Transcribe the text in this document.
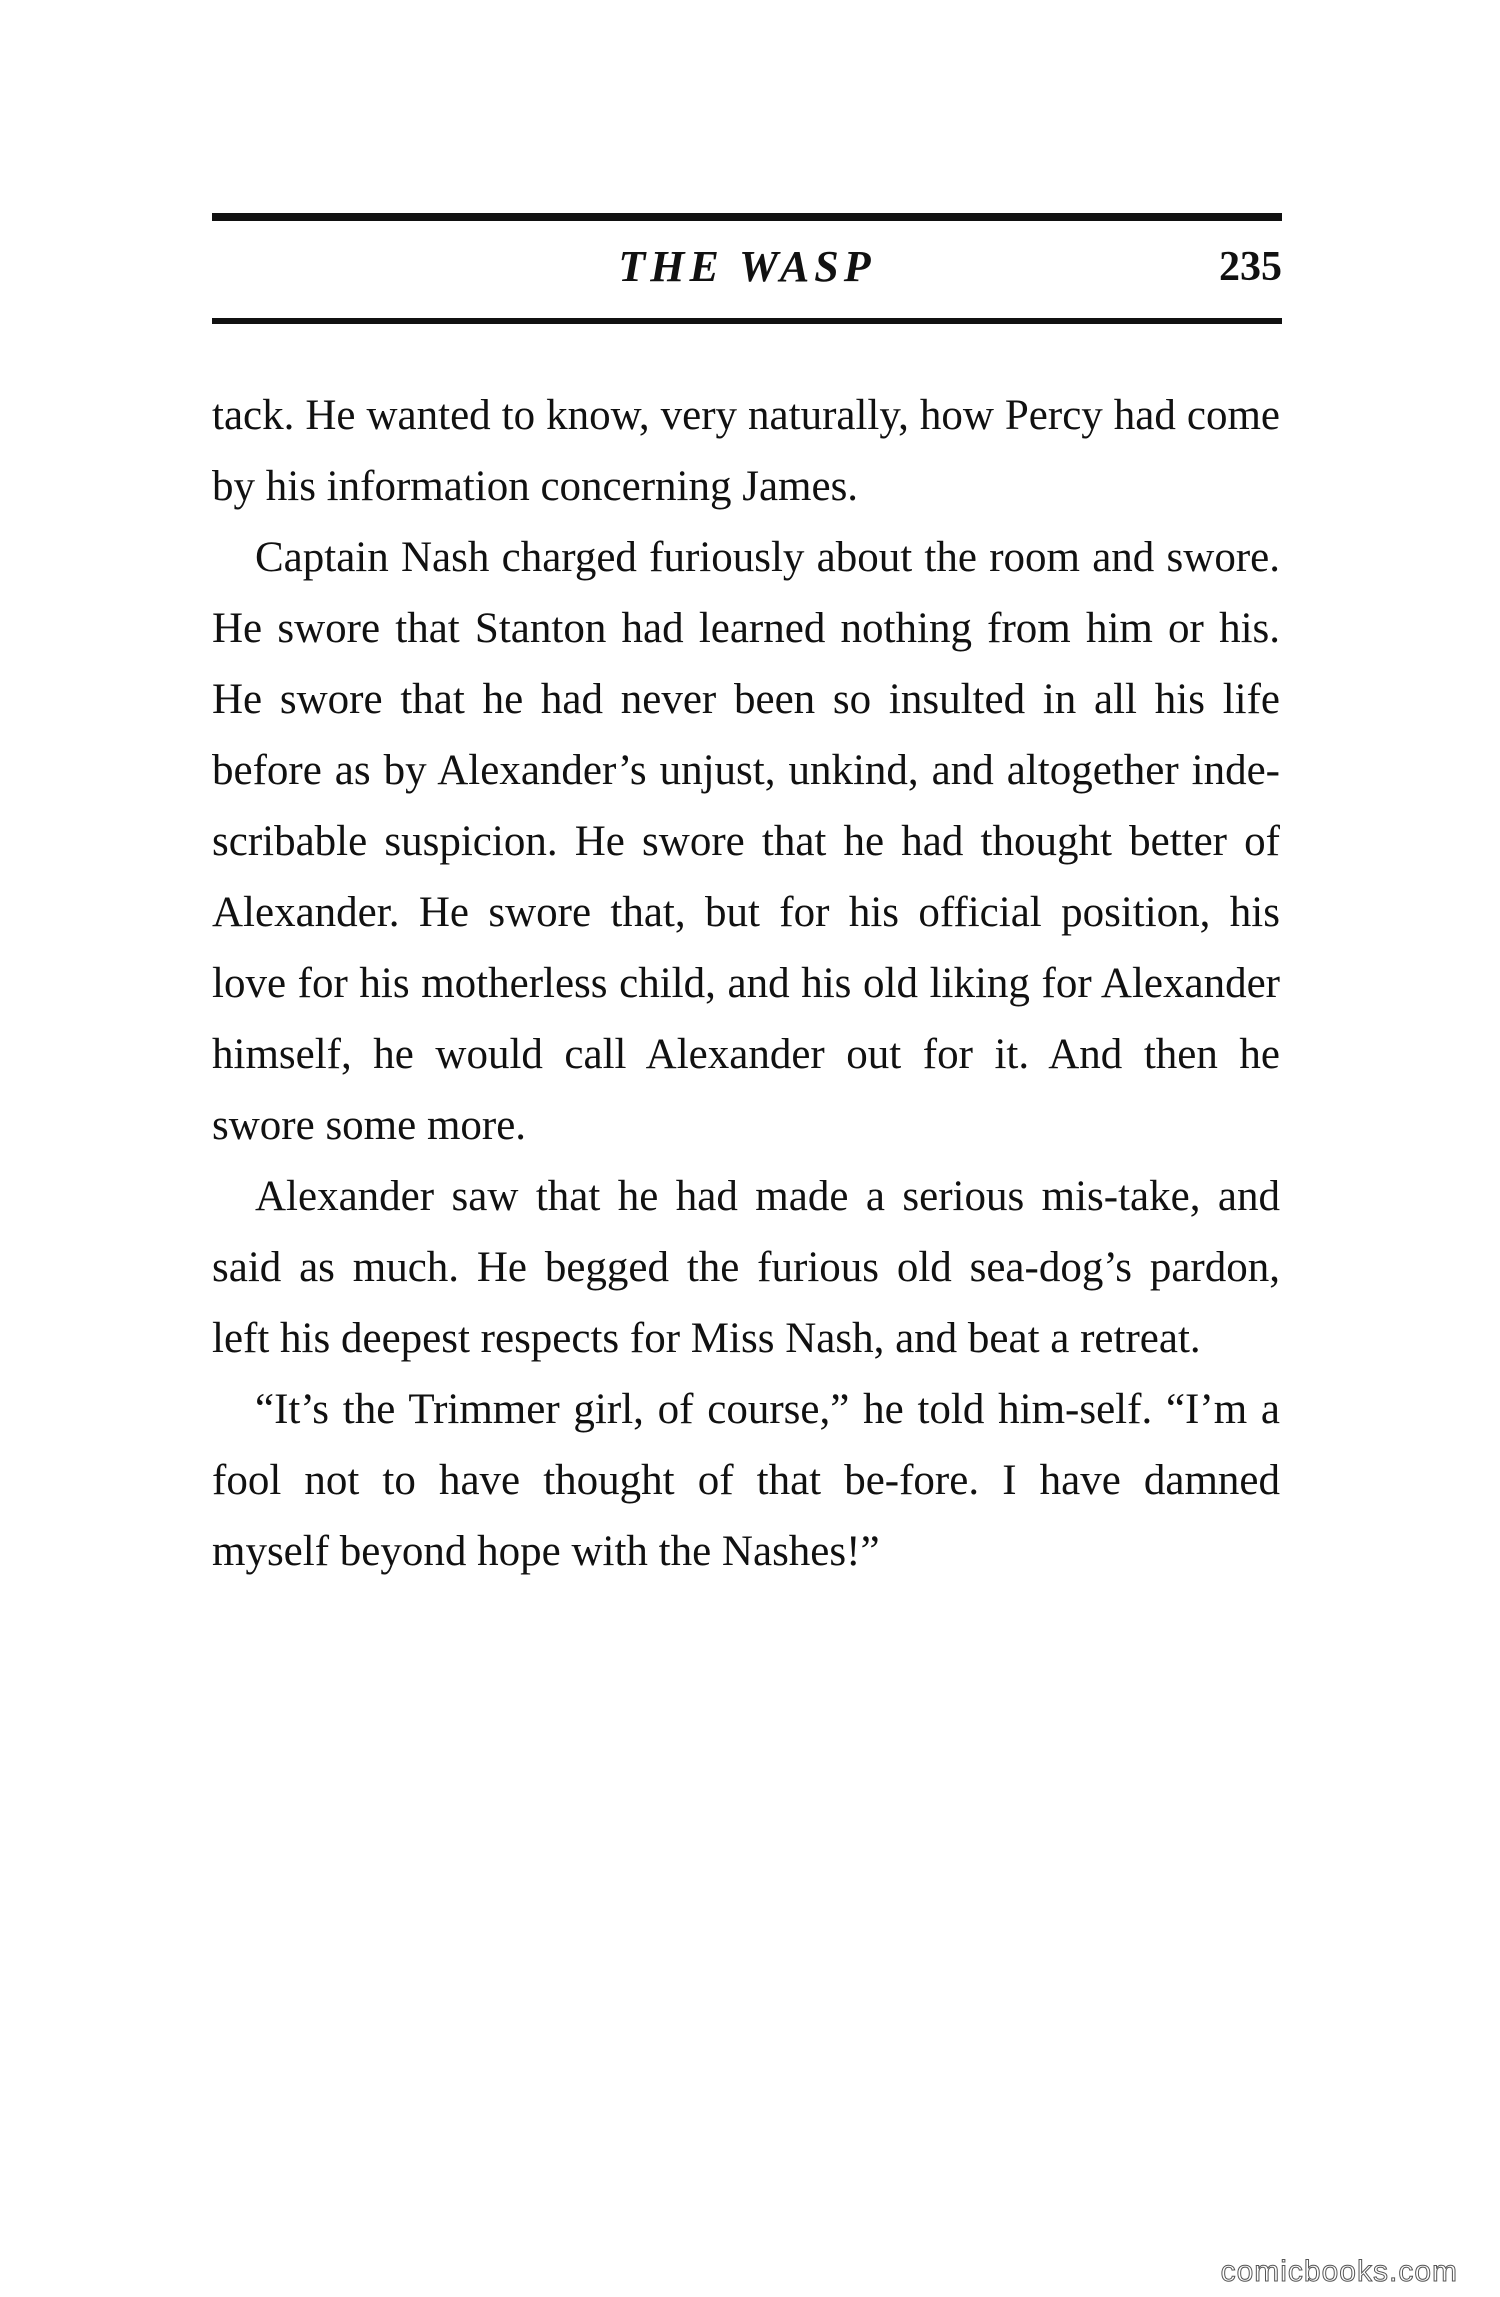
THE WASP	235

tack. He wanted to know, very naturally, how Percy had come by his information concerning James.

Captain Nash charged furiously about the room and swore. He swore that Stanton had learned nothing from him or his. He swore that he had never been so insulted in all his life before as by Alexander’s unjust, unkind, and altogether inde-scribable suspicion. He swore that he had thought better of Alexander. He swore that, but for his official position, his love for his motherless child, and his old liking for Alexander himself, he would call Alexander out for it. And then he swore some more.

Alexander saw that he had made a serious mis-take, and said as much. He begged the furious old sea-dog’s pardon, left his deepest respects for Miss Nash, and beat a retreat.

“It’s the Trimmer girl, of course,” he told him-self. “I’m a fool not to have thought of that be-fore. I have damned myself beyond hope with the Nashes!”

comicbooks.com
